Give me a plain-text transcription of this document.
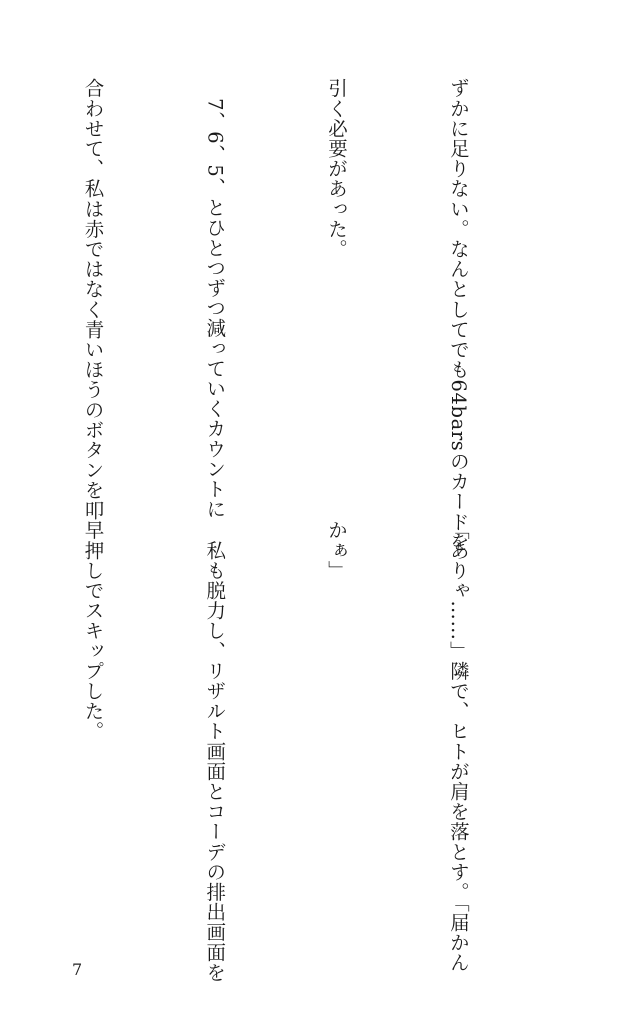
ずかに足りない。なんとしてでも64barsのカードを

引く必要があった。

　7、6、5、とひとつずつ減っていくカウントに

合わせて、私は赤ではなく青いほうのボタンを叩

「ありゃ……」隣で、ヒトが肩を落とす。「届かん

かぁ」

　私も脱力し、リザルト画面とコーデの排出画面を

早押しでスキップした。

7
